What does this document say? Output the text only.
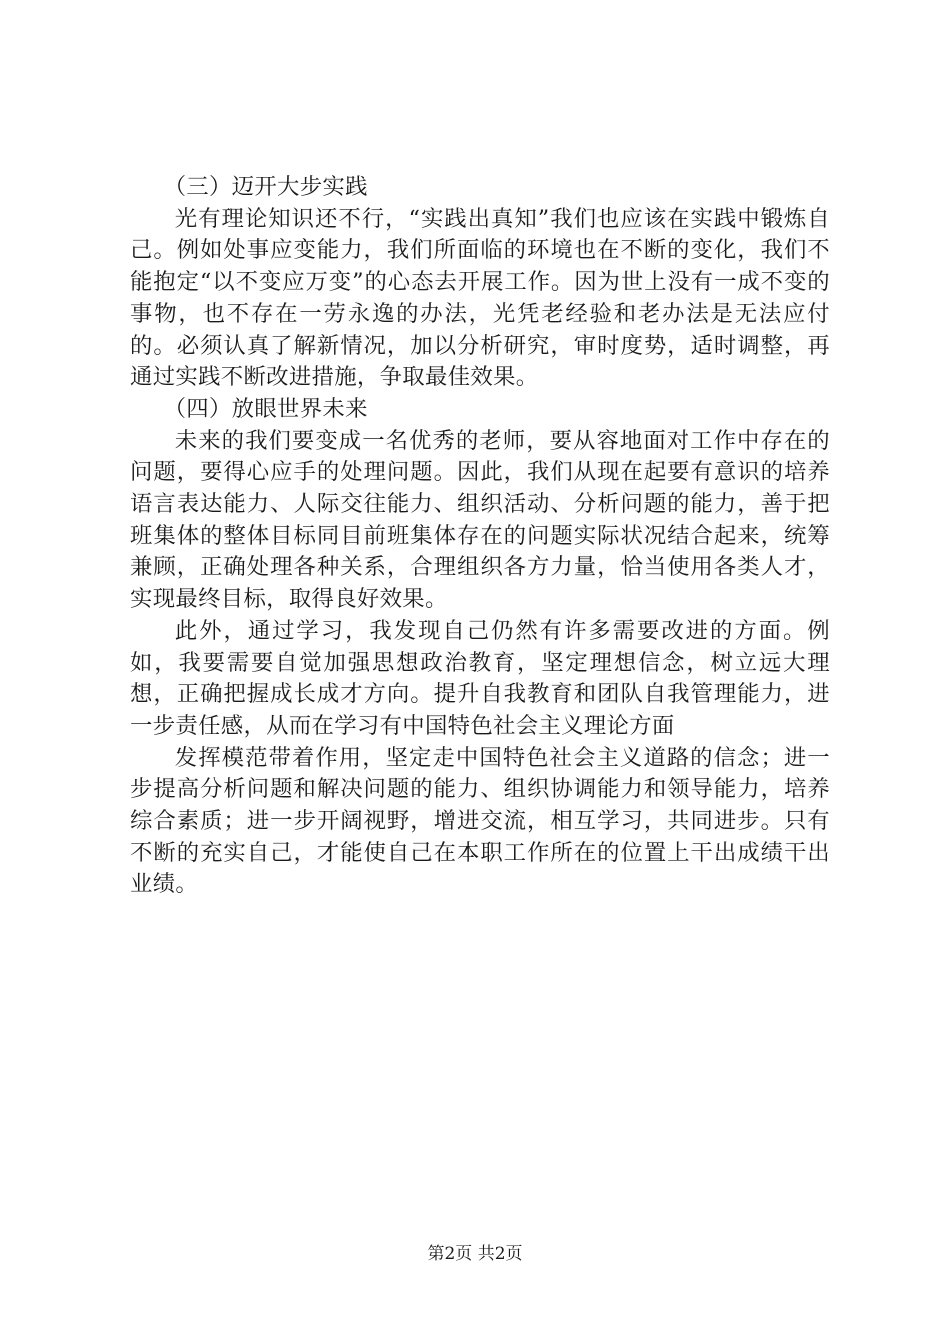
（三）迈开大步实践

光有理论知识还不行，“实践出真知”我们也应该在实践中锻炼自己。例如处事应变能力，我们所面临的环境也在不断的变化，我们不能抱定“以不变应万变”的心态去开展工作。因为世上没有一成不变的事物，也不存在一劳永逸的办法，光凭老经验和老办法是无法应付的。必须认真了解新情况，加以分析研究，审时度势，适时调整，再通过实践不断改进措施，争取最佳效果。

（四）放眼世界未来

未来的我们要变成一名优秀的老师，要从容地面对工作中存在的问题，要得心应手的处理问题。因此，我们从现在起要有意识的培养语言表达能力、人际交往能力、组织活动、分析问题的能力，善于把班集体的整体目标同目前班集体存在的问题实际状况结合起来，统筹兼顾，正确处理各种关系，合理组织各方力量，恰当使用各类人才，实现最终目标，取得良好效果。

此外，通过学习，我发现自己仍然有许多需要改进的方面。例如，我要需要自觉加强思想政治教育，坚定理想信念，树立远大理想，正确把握成长成才方向。提升自我教育和团队自我管理能力，进一步责任感，从而在学习有中国特色社会主义理论方面

发挥模范带着作用，坚定走中国特色社会主义道路的信念；进一步提高分析问题和解决问题的能力、组织协调能力和领导能力，培养综合素质；进一步开阔视野，增进交流，相互学习，共同进步。只有不断的充实自己，才能使自己在本职工作所在的位置上干出成绩干出业绩。

第2页 共2页
